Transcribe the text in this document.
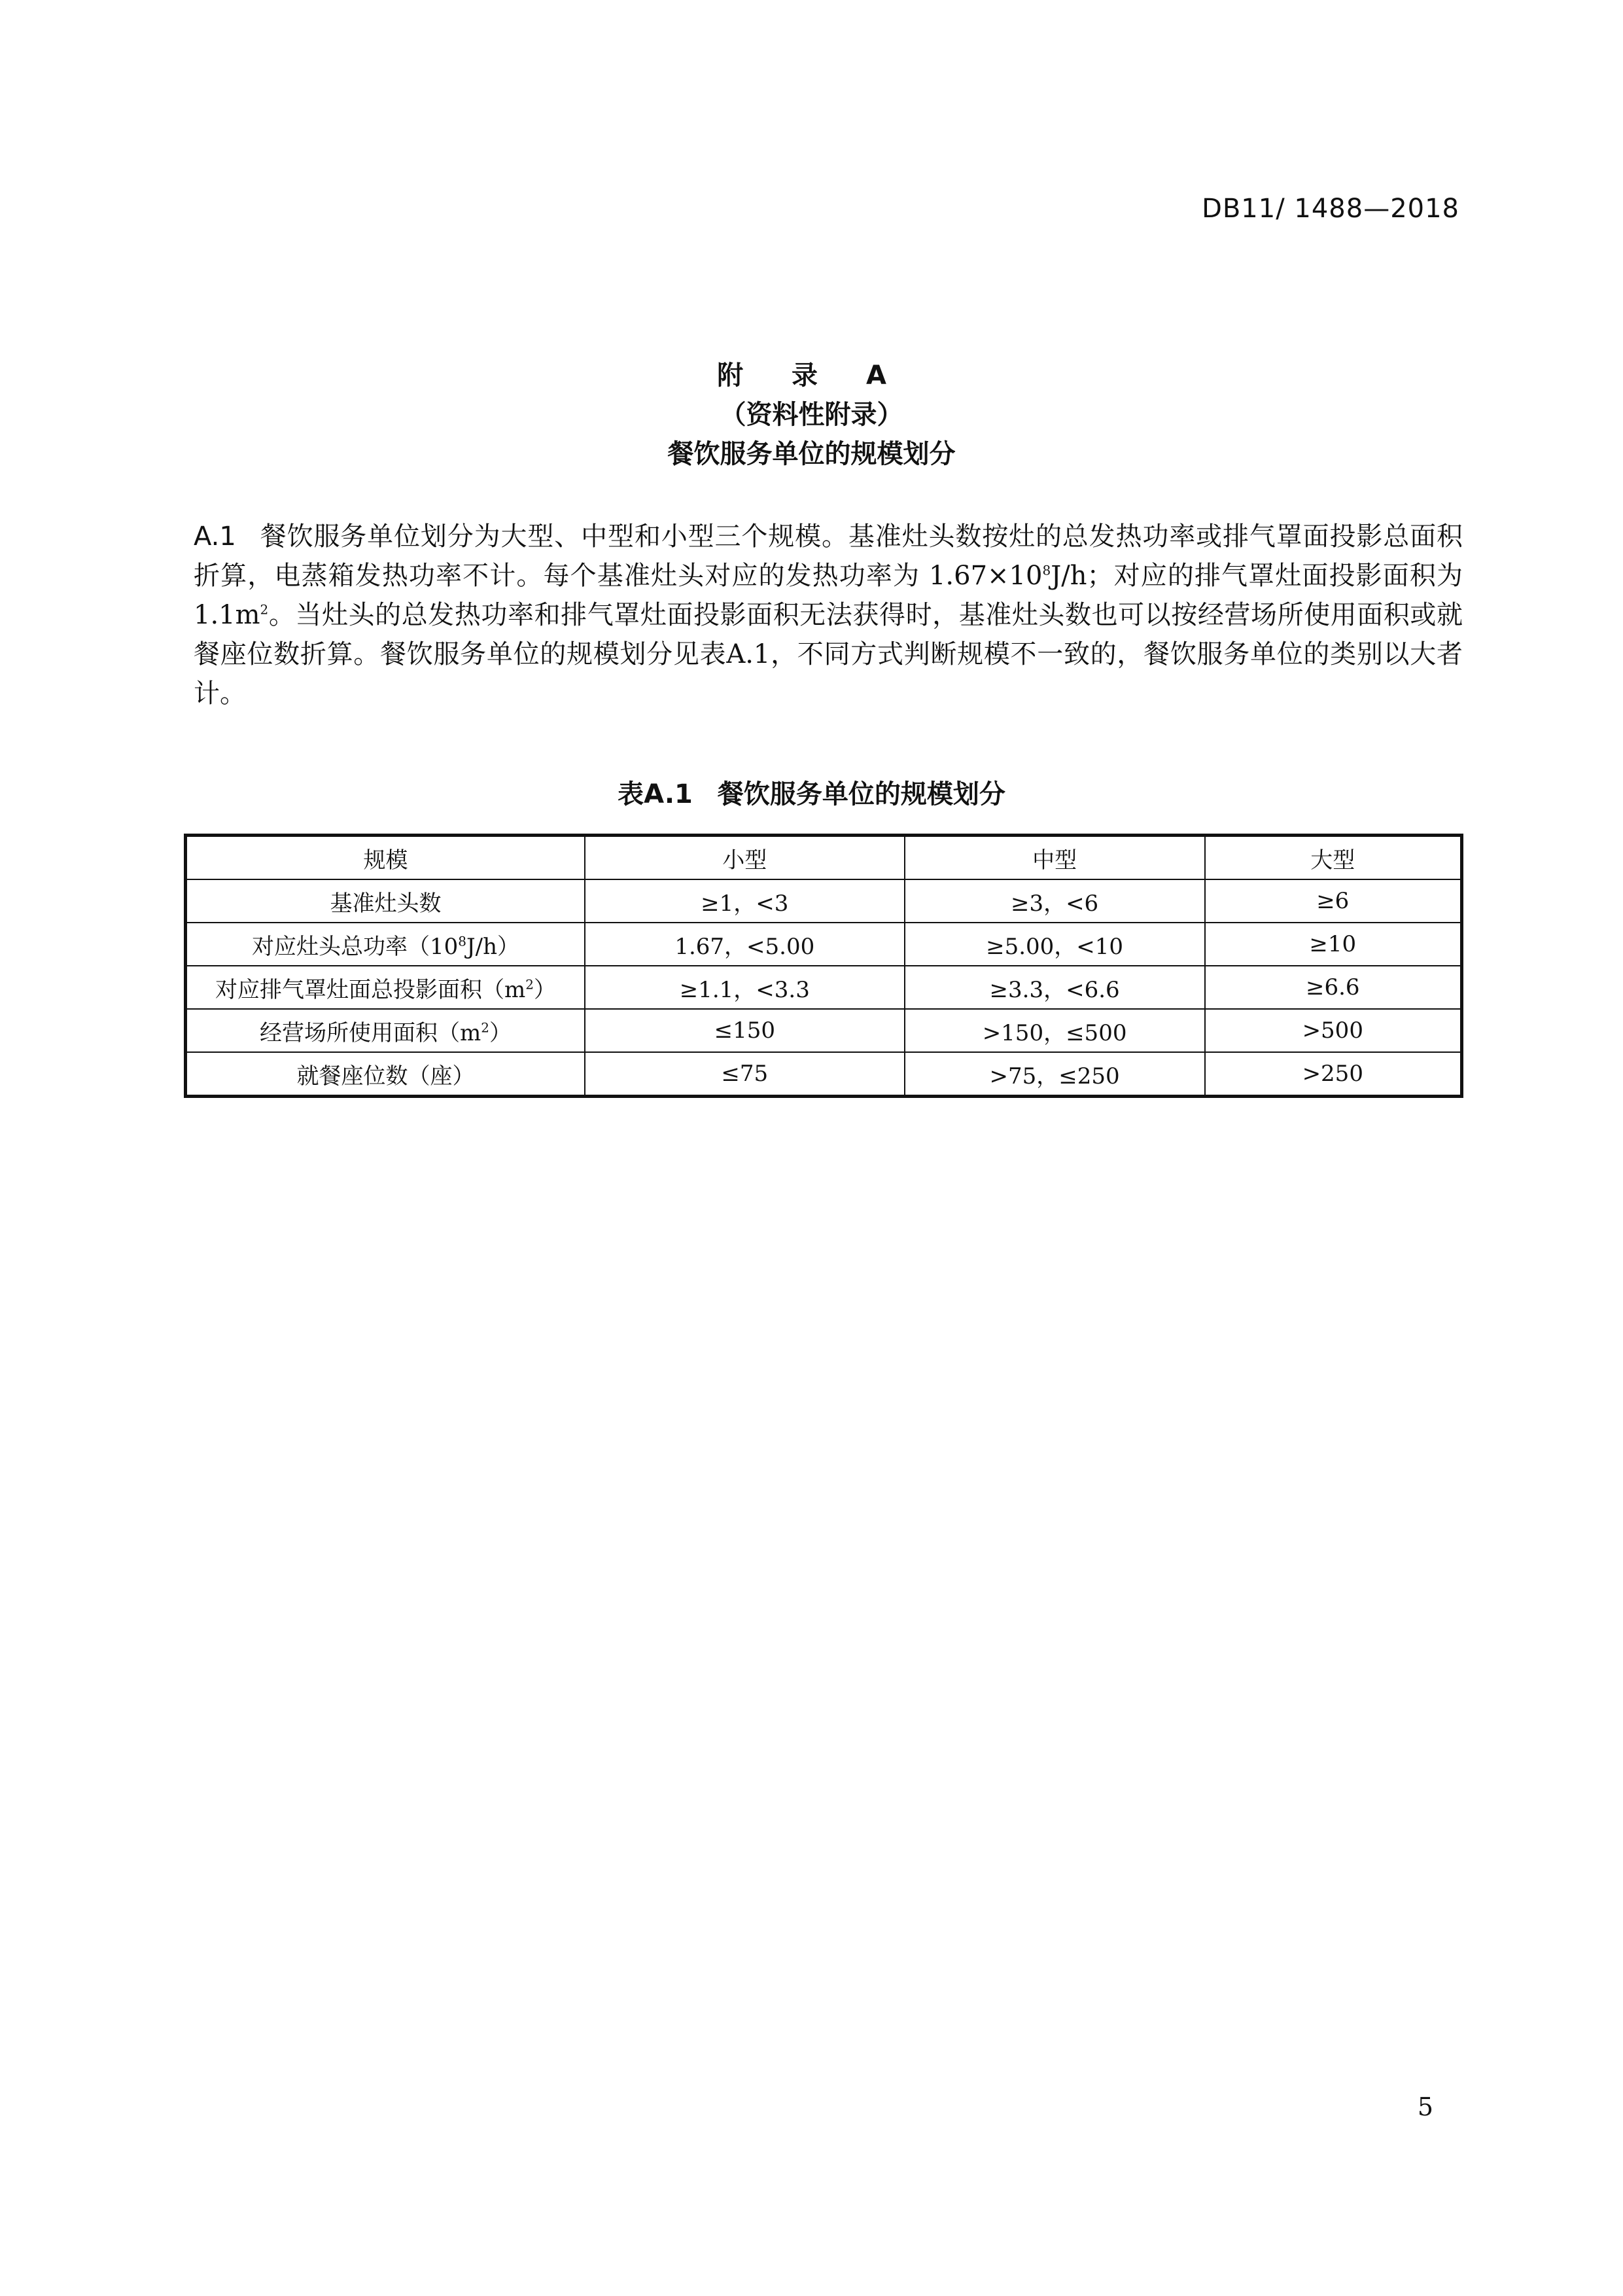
DB11/ 1488—2018
附 录 A
（资料性附录）
餐饮服务单位的规模划分
A.1 餐饮服务单位划分为大型、中型和小型三个规模。基准灶头数按灶的总发热功率或排气罩面投影总面积折算，电蒸箱发热功率不计。每个基准灶头对应的发热功率为 $1.67\times 10^8J/h$；对应的排气罩灶面投影面积为 $1.1m^2$。当灶头的总发热功率和排气罩灶面投影面积无法获得时，基准灶头数也可以按经营场所使用面积或就餐座位数折算。餐饮服务单位的规模划分见表A.1，不同方式判断规模不一致的，餐饮服务单位的类别以大者计。
表A.1 餐饮服务单位的规模划分
规模	小型	中型	大型
基准灶头数	≥1，<3	≥3，<6	≥6
对应灶头总功率$(10^8J/h)$	1.67，<5.00	≥5.00，<10	≥10
对应排气罩灶面总投影面积$(m^2)$	≥1.1，<3.3	≥3.3，<6.6	≥6.6
经营场所使用面积$(m^2)$	≤150	>150，≤500	>500
就餐座位数（座）	≤75	>75，≤250	>250
5
